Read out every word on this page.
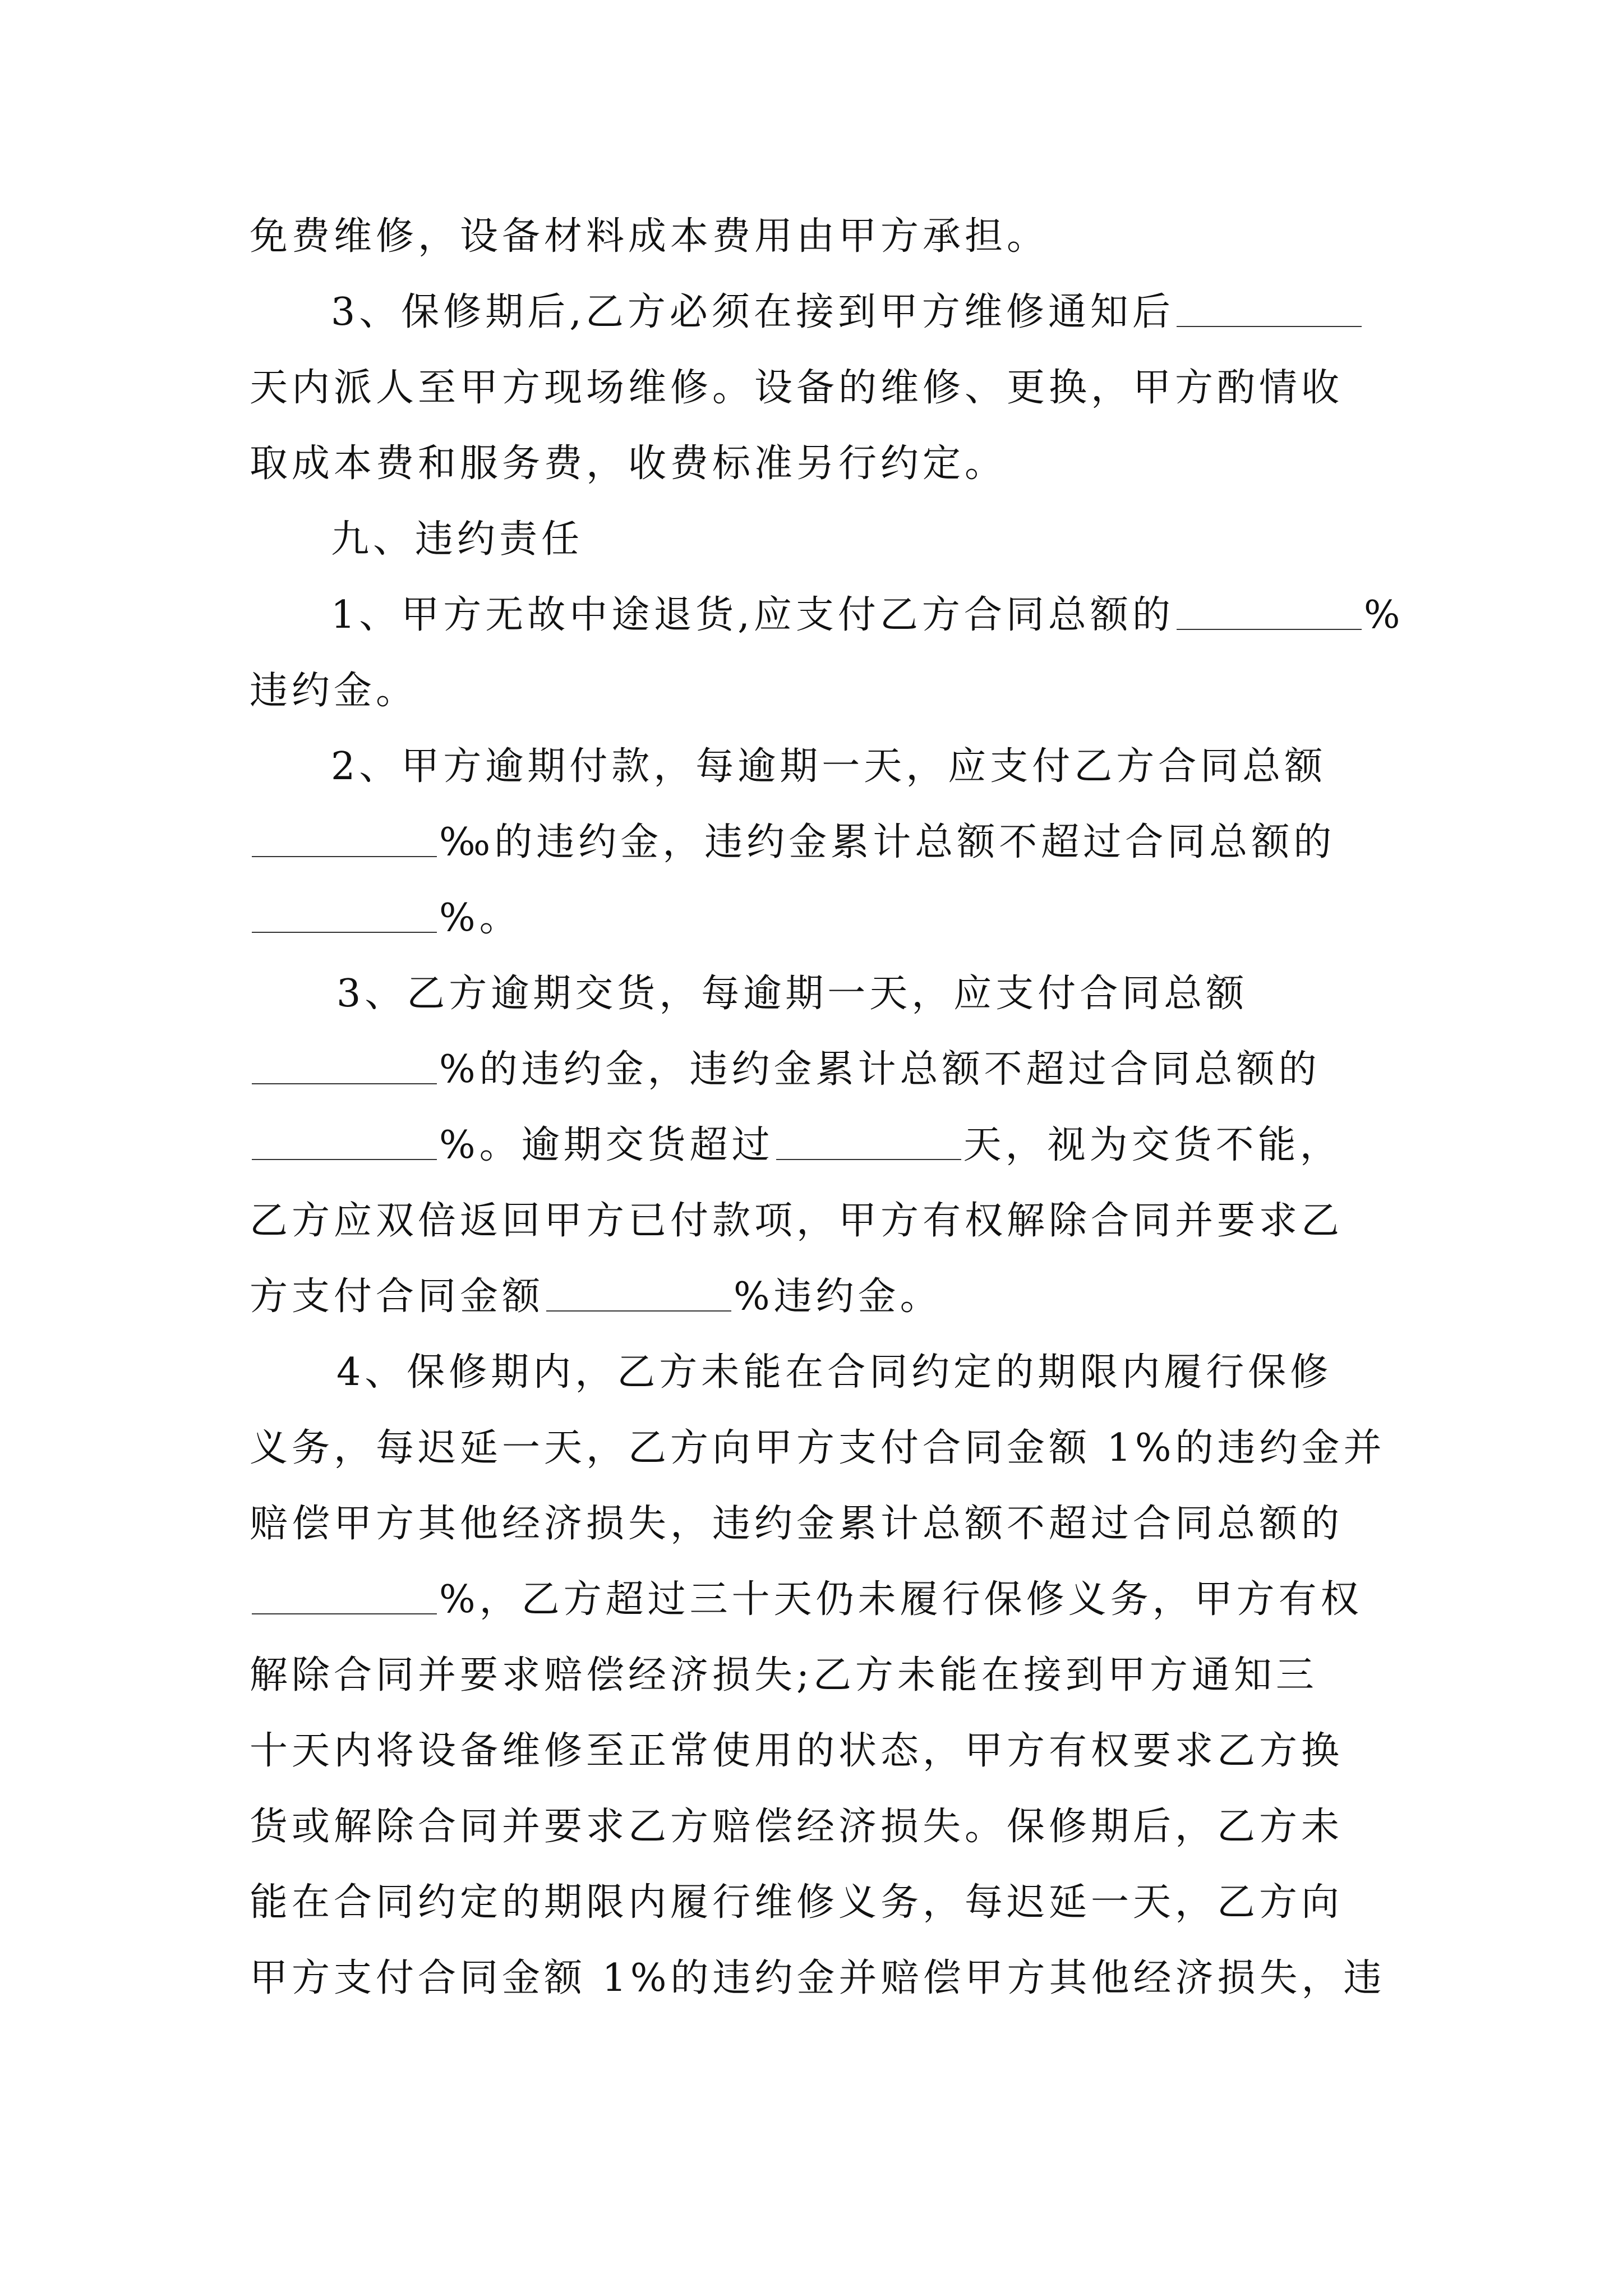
免费维修，设备材料成本费用由甲方承担。
3、保修期后,乙方必须在接到甲方维修通知后
天内派人至甲方现场维修。设备的维修、更换，甲方酌情收
取成本费和服务费，收费标准另行约定。
九、违约责任
1、甲方无故中途退货,应支付乙方合同总额的	%
违约金。
2、甲方逾期付款，每逾期一天，应支付乙方合同总额
‰的违约金，违约金累计总额不超过合同总额的
%。
3、乙方逾期交货，每逾期一天，应支付合同总额
%的违约金，违约金累计总额不超过合同总额的
%。逾期交货超过	天，视为交货不能，
乙方应双倍返回甲方已付款项，甲方有权解除合同并要求乙
方支付合同金额	%违约金。
4、保修期内，乙方未能在合同约定的期限内履行保修
义务，每迟延一天，乙方向甲方支付合同金额 1%的违约金并
赔偿甲方其他经济损失，违约金累计总额不超过合同总额的
%，乙方超过三十天仍未履行保修义务，甲方有权
解除合同并要求赔偿经济损失;乙方未能在接到甲方通知三
十天内将设备维修至正常使用的状态，甲方有权要求乙方换
货或解除合同并要求乙方赔偿经济损失。保修期后，乙方未
能在合同约定的期限内履行维修义务，每迟延一天，乙方向
甲方支付合同金额 1%的违约金并赔偿甲方其他经济损失，违
